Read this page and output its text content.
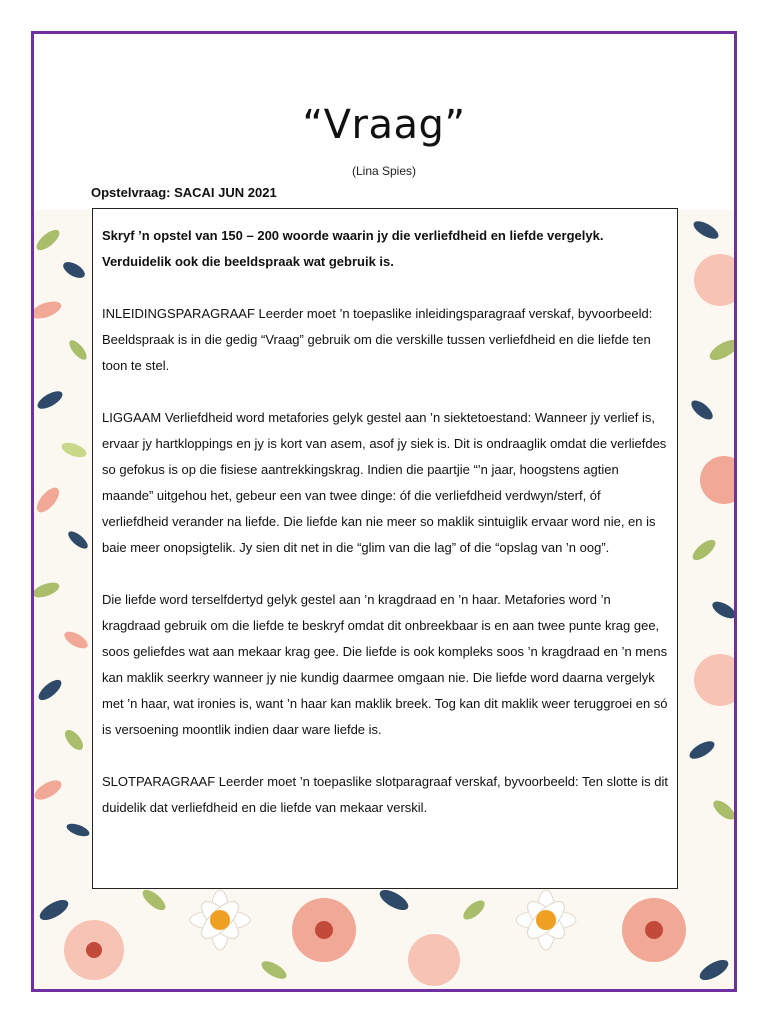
“Vraag”
(Lina Spies)
Opstelvraag: SACAI JUN 2021

Skryf ’n opstel van 150 – 200 woorde waarin jy die verliefdheid en liefde vergelyk. Verduidelik ook die beeldspraak wat gebruik is.

INLEIDINGSPARAGRAAF Leerder moet ’n toepaslike inleidingsparagraaf verskaf, byvoorbeeld: Beeldspraak is in die gedig “Vraag” gebruik om die verskille tussen verliefdheid en die liefde ten toon te stel.

LIGGAAM Verliefdheid word metafories gelyk gestel aan ’n siektetoestand: Wanneer jy verlief is, ervaar jy hartkloppings en jy is kort van asem, asof jy siek is. Dit is ondraaglik omdat die verliefdes so gefokus is op die fisiese aantrekkingskrag. Indien die paartjie “’n jaar, hoogstens agtien maande” uitgehou het, gebeur een van twee dinge: óf die verliefdheid verdwyn/sterf, óf verliefdheid verander na liefde. Die liefde kan nie meer so maklik sintuiglik ervaar word nie, en is baie meer onopsigtelik. Jy sien dit net in die “glim van die lag” of die “opslag van ’n oog”.

Die liefde word terselfdertyd gelyk gestel aan ’n kragdraad en ’n haar. Metafories word ’n kragdraad gebruik om die liefde te beskryf omdat dit onbreekbaar is en aan twee punte krag gee, soos geliefdes wat aan mekaar krag gee. Die liefde is ook kompleks soos ’n kragdraad en ’n mens kan maklik seerkry wanneer jy nie kundig daarmee omgaan nie. Die liefde word daarna vergelyk met ’n haar, wat ironies is, want ’n haar kan maklik breek. Tog kan dit maklik weer teruggroei en só is versoening moontlik indien daar ware liefde is.

SLOTPARAGRAAF Leerder moet ’n toepaslike slotparagraaf verskaf, byvoorbeeld: Ten slotte is dit duidelik dat verliefdheid en die liefde van mekaar verskil.
